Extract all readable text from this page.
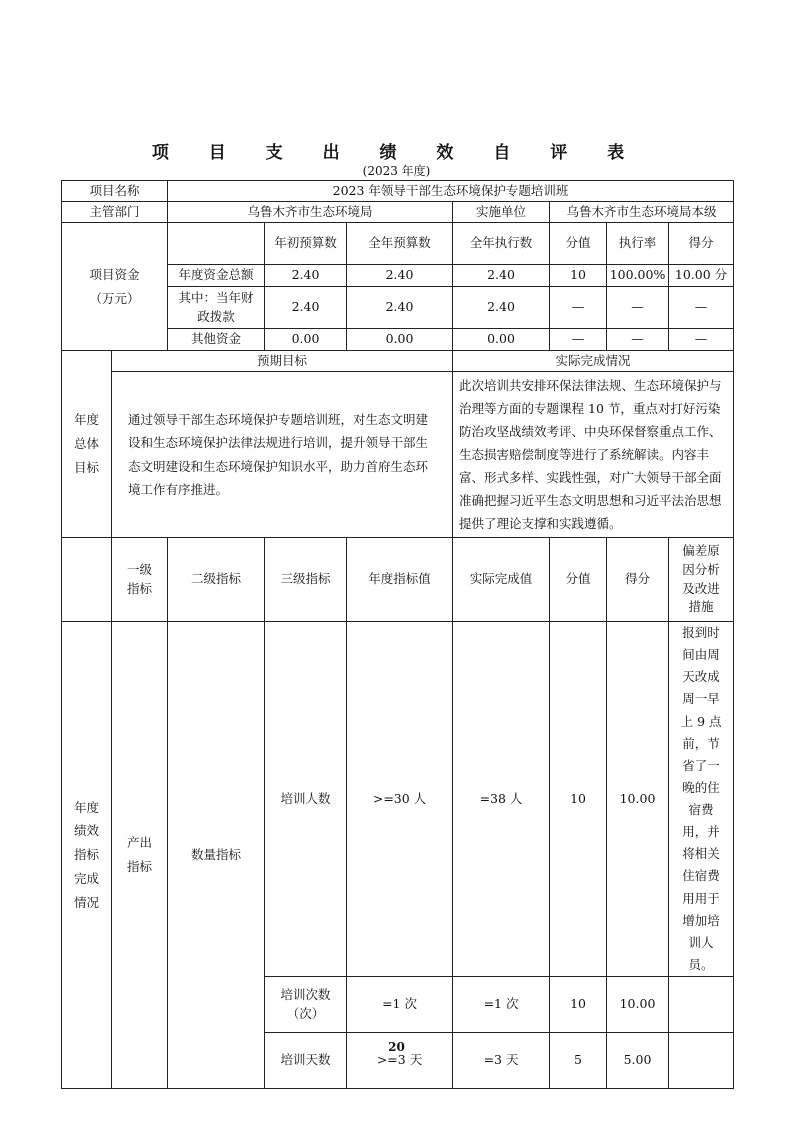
项 目 支 出 绩 效 自 评 表
(2023 年度)
项目名称		2023 年领导干部生态环境保护专题培训班						
主管部门		乌鲁木齐市生态环境局			实施单位	乌鲁木齐市生态环境局本级		

项目资金（万元）			年初预算数	全年预算数	全年执行数	分值	执行率	得分
		年度资金总额	2.40	2.40	2.40	10	100.00%	10.00 分

		其中：当年财政拨款	2.40	2.40	2.40	—	—	—
		其他资金	0.00	0.00	0.00	—	—	—

年度总体目标	预期目标				实际完成情况			
	通过领导干部生态环境保护专题培训班，对生态文明建设和生态环境保护法律法规进行培训，提升领导干部生态文明建设和生态环境保护知识水平，助力首府生态环境工作有序推进。				此次培训共安排环保法律法规、生态环境保护与治理等方面的专题课程 10 节，重点对打好污染防治攻坚战绩效考评、中央环保督察重点工作、生态损害赔偿制度等进行了系统解读。内容丰富、形式多样、实践性强，对广大领导干部全面准确把握习近平生态文明思想和习近平法治思想提供了理论支撑和实践遵循。			

	一级指标	二级指标	三级指标	年度指标值	实际完成值	分值	得分	偏差原因分析及改进措施

年度绩效指标完成情况	产出指标	数量指标	培训人数	>=30 人	=38 人	10	10.00	报到时间由周天改成周一早上 9 点前，节省了一晚的住宿费用，并将相关住宿费用用于增加培训人员。

			培训次数（次）	=1 次	=1 次	10	10.00	
			培训天数	>=3 天	=3 天	5	5.00	
20
